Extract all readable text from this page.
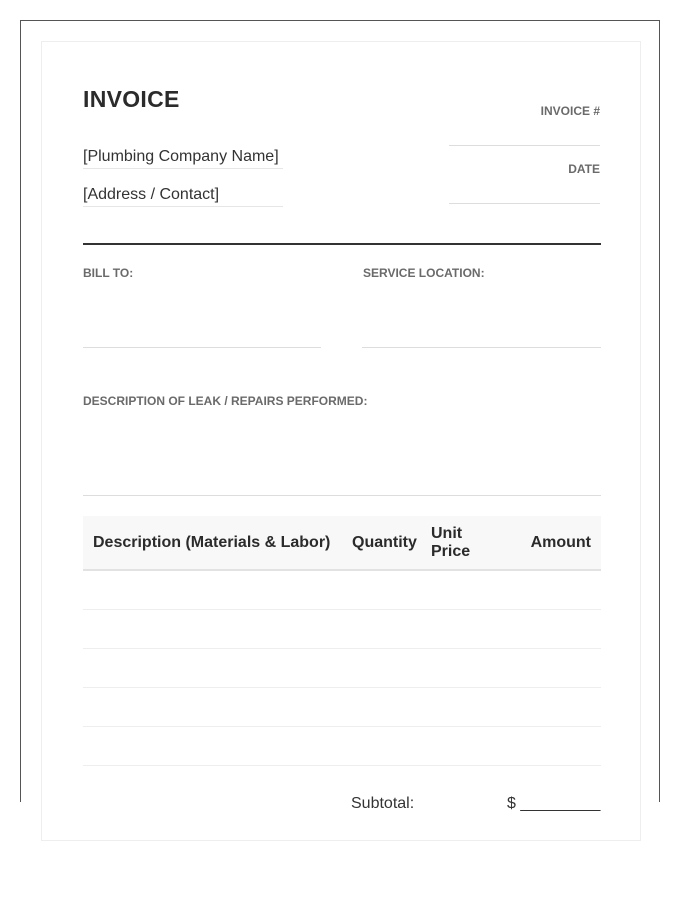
INVOICE
[Plumbing Company Name]
[Address / Contact]
INVOICE #
DATE
BILL TO:	SERVICE LOCATION:
DESCRIPTION OF LEAK / REPAIRS PERFORMED:
Description (Materials & Labor)	Quantity	Unit Price	Amount

Subtotal:	$ _________
